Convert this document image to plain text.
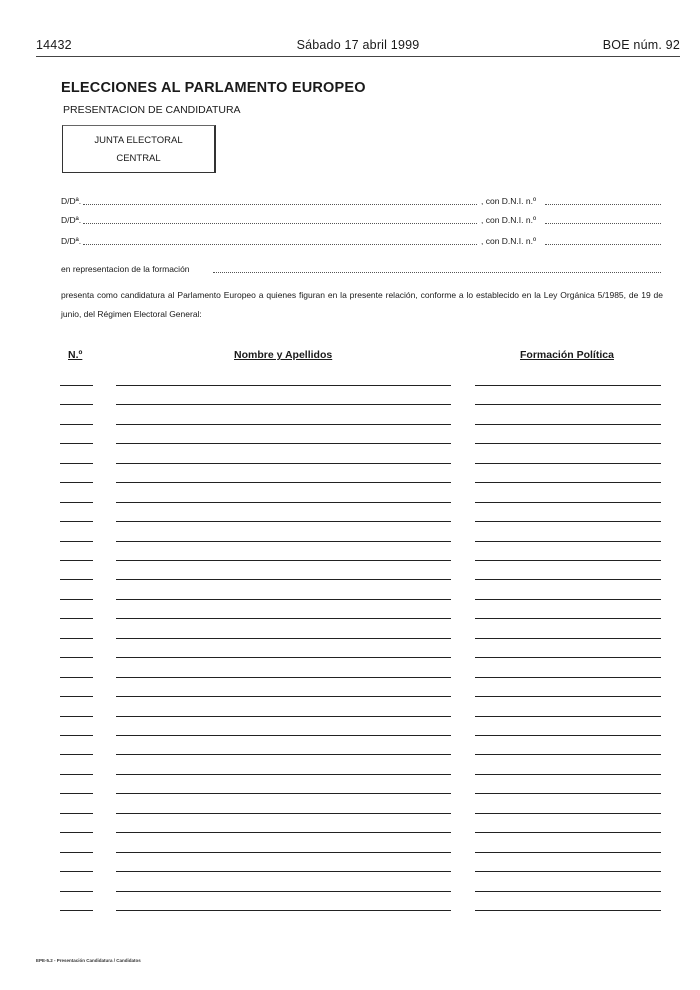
14432	Sábado 17 abril 1999	BOE núm. 92
ELECCIONES AL PARLAMENTO EUROPEO
PRESENTACION DE CANDIDATURA
JUNTA ELECTORAL
CENTRAL
D/Dª.	, con D.N.I. n.º
D/Dª.	, con D.N.I. n.º
D/Dª.	, con D.N.I. n.º
en representacion de la formación
presenta como candidatura al Parlamento Europeo a quienes figuran en la presente relación, conforme a lo establecido en la Ley Orgánica 5/1985, de 19 de junio, del Régimen Electoral General:
N.º	Nombre y Apellidos	Formación Política
EPE-5.2 - Presentación Candidatura / Candidatos
